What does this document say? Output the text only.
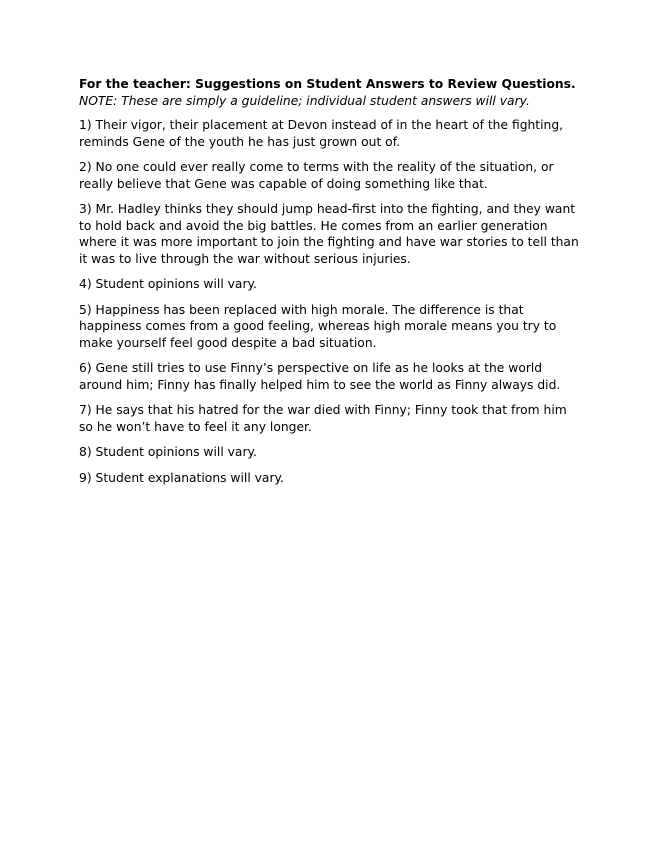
For the teacher: Suggestions on Student Answers to Review Questions.

NOTE: These are simply a guideline; individual student answers will vary.

1) Their vigor, their placement at Devon instead of in the heart of the fighting, reminds Gene of the youth he has just grown out of.

2) No one could ever really come to terms with the reality of the situation, or really believe that Gene was capable of doing something like that.

3) Mr. Hadley thinks they should jump head-first into the fighting, and they want to hold back and avoid the big battles. He comes from an earlier generation where it was more important to join the fighting and have war stories to tell than it was to live through the war without serious injuries.

4) Student opinions will vary.

5) Happiness has been replaced with high morale. The difference is that happiness comes from a good feeling, whereas high morale means you try to make yourself feel good despite a bad situation.

6) Gene still tries to use Finny’s perspective on life as he looks at the world around him; Finny has finally helped him to see the world as Finny always did.

7) He says that his hatred for the war died with Finny; Finny took that from him so he won’t have to feel it any longer.

8) Student opinions will vary.

9) Student explanations will vary.
